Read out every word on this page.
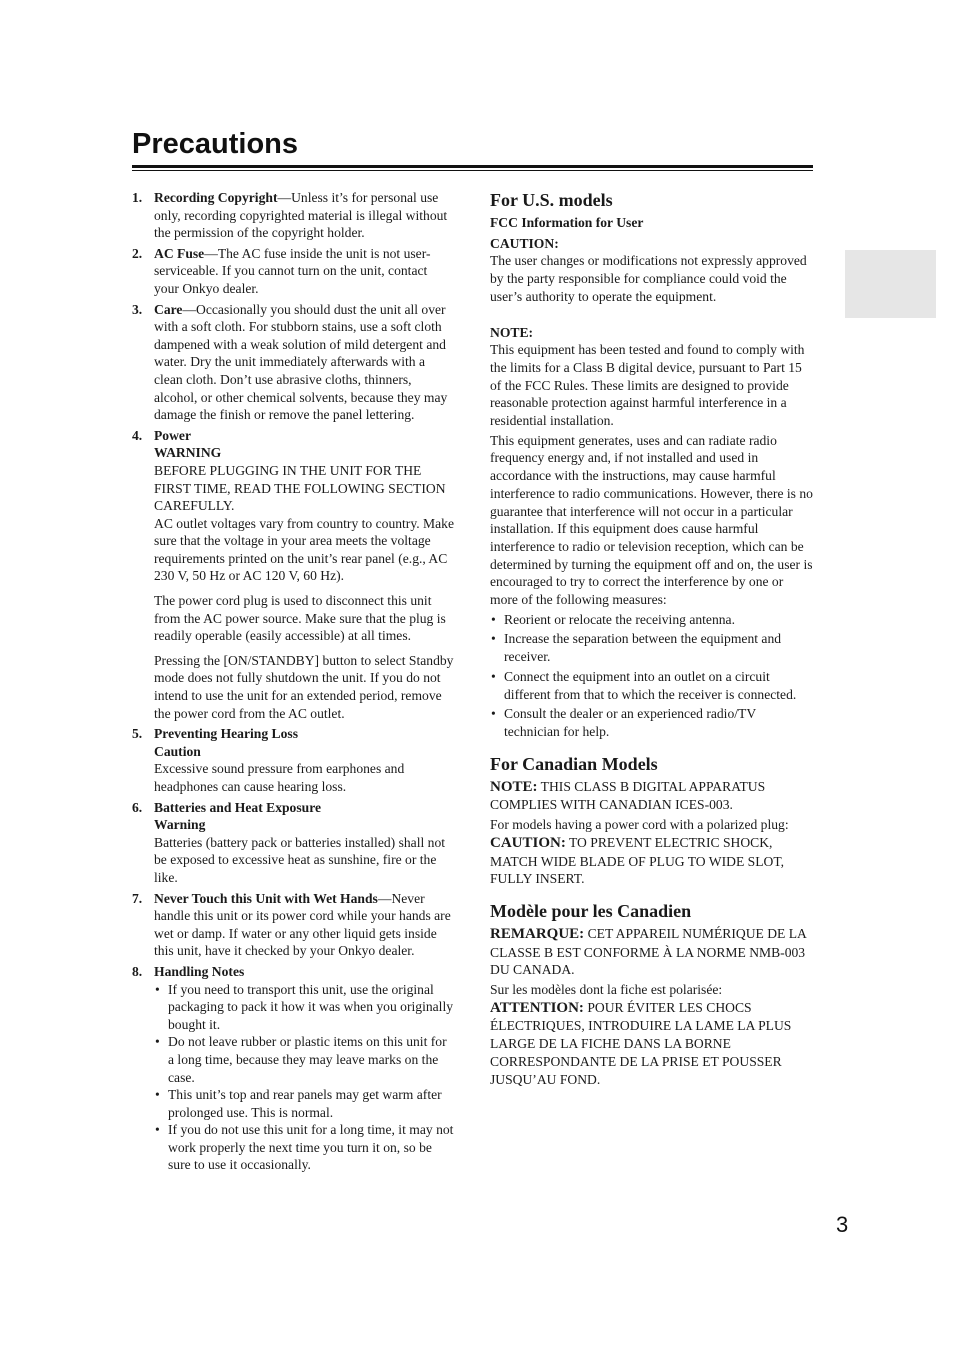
Precautions
1. Recording Copyright—Unless it’s for personal use only, recording copyrighted material is illegal without the permission of the copyright holder.

2. AC Fuse—The AC fuse inside the unit is not user-serviceable. If you cannot turn on the unit, contact your Onkyo dealer.

3. Care—Occasionally you should dust the unit all over with a soft cloth. For stubborn stains, use a soft cloth dampened with a weak solution of mild detergent and water. Dry the unit immediately afterwards with a clean cloth. Don’t use abrasive cloths, thinners, alcohol, or other chemical solvents, because they may damage the finish or remove the panel lettering.

4. Power

WARNING

BEFORE PLUGGING IN THE UNIT FOR THE FIRST TIME, READ THE FOLLOWING SECTION CAREFULLY.

AC outlet voltages vary from country to country. Make sure that the voltage in your area meets the voltage requirements printed on the unit’s rear panel (e.g., AC 230 V, 50 Hz or AC 120 V, 60 Hz).

The power cord plug is used to disconnect this unit from the AC power source. Make sure that the plug is readily operable (easily accessible) at all times.

Pressing the [ON/STANDBY] button to select Standby mode does not fully shutdown the unit. If you do not intend to use the unit for an extended period, remove the power cord from the AC outlet.

5. Preventing Hearing Loss

Caution

Excessive sound pressure from earphones and headphones can cause hearing loss.

6. Batteries and Heat Exposure

Warning

Batteries (battery pack or batteries installed) shall not be exposed to excessive heat as sunshine, fire or the like.

7. Never Touch this Unit with Wet Hands—Never handle this unit or its power cord while your hands are wet or damp. If water or any other liquid gets inside this unit, have it checked by your Onkyo dealer.

8. Handling Notes

• If you need to transport this unit, use the original packaging to pack it how it was when you originally bought it.
• Do not leave rubber or plastic items on this unit for a long time, because they may leave marks on the case.
• This unit’s top and rear panels may get warm after prolonged use. This is normal.
• If you do not use this unit for a long time, it may not work properly the next time you turn it on, so be sure to use it occasionally.

For U.S. models

FCC Information for User

CAUTION:

The user changes or modifications not expressly approved by the party responsible for compliance could void the user’s authority to operate the equipment.

NOTE:

This equipment has been tested and found to comply with the limits for a Class B digital device, pursuant to Part 15 of the FCC Rules. These limits are designed to provide reasonable protection against harmful interference in a residential installation.

This equipment generates, uses and can radiate radio frequency energy and, if not installed and used in accordance with the instructions, may cause harmful interference to radio communications. However, there is no guarantee that interference will not occur in a particular installation. If this equipment does cause harmful interference to radio or television reception, which can be determined by turning the equipment off and on, the user is encouraged to try to correct the interference by one or more of the following measures:

• Reorient or relocate the receiving antenna.
• Increase the separation between the equipment and receiver.
• Connect the equipment into an outlet on a circuit different from that to which the receiver is connected.
• Consult the dealer or an experienced radio/TV technician for help.

For Canadian Models

NOTE: THIS CLASS B DIGITAL APPARATUS COMPLIES WITH CANADIAN ICES-003.

For models having a power cord with a polarized plug:

CAUTION: TO PREVENT ELECTRIC SHOCK, MATCH WIDE BLADE OF PLUG TO WIDE SLOT, FULLY INSERT.

Modèle pour les Canadien

REMARQUE: CET APPAREIL NUMÉRIQUE DE LA CLASSE B EST CONFORME À LA NORME NMB-003 DU CANADA.

Sur les modèles dont la fiche est polarisée:

ATTENTION: POUR ÉVITER LES CHOCS ÉLECTRIQUES, INTRODUIRE LA LAME LA PLUS LARGE DE LA FICHE DANS LA BORNE CORRESPONDANTE DE LA PRISE ET POUSSER JUSQU’AU FOND.

3
